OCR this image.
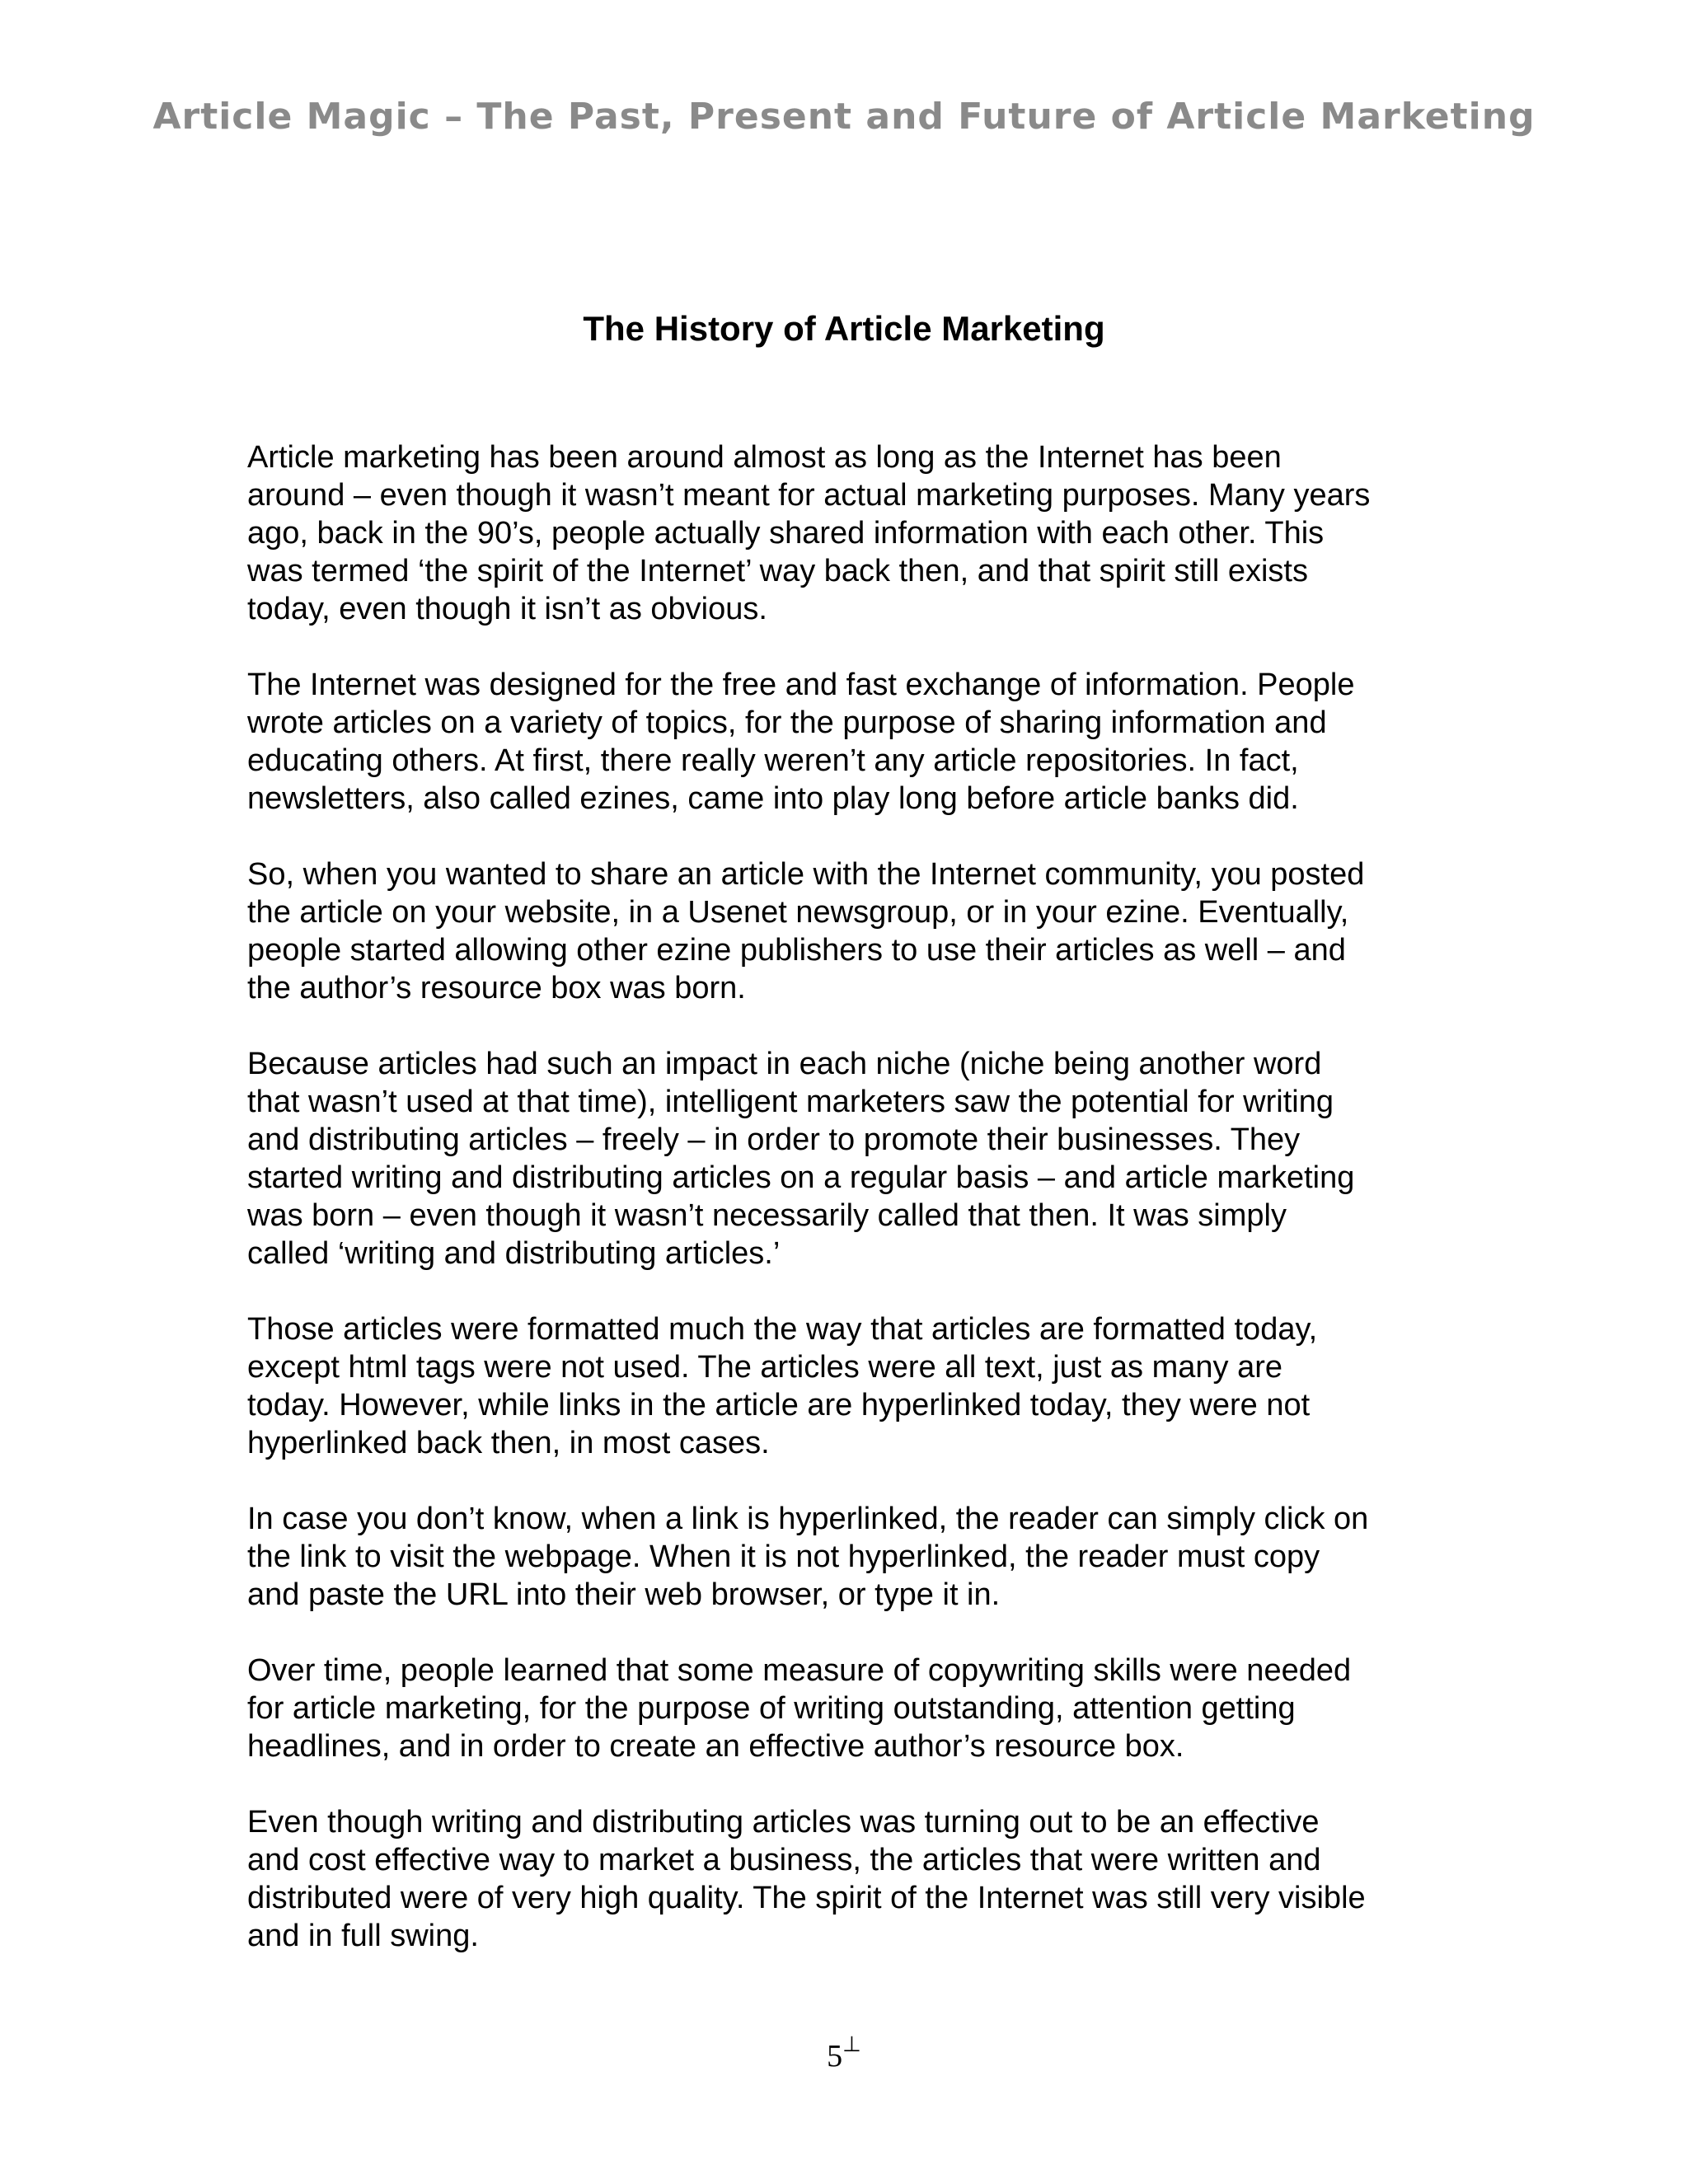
Article Magic – The Past, Present and Future of Article Marketing
The History of Article Marketing

Article marketing has been around almost as long as the Internet has been
around – even though it wasn’t meant for actual marketing purposes. Many years
ago, back in the 90’s, people actually shared information with each other. This
was termed ‘the spirit of the Internet’ way back then, and that spirit still exists
today, even though it isn’t as obvious.

The Internet was designed for the free and fast exchange of information. People
wrote articles on a variety of topics, for the purpose of sharing information and
educating others. At first, there really weren’t any article repositories. In fact,
newsletters, also called ezines, came into play long before article banks did.

So, when you wanted to share an article with the Internet community, you posted
the article on your website, in a Usenet newsgroup, or in your ezine. Eventually,
people started allowing other ezine publishers to use their articles as well – and
the author’s resource box was born.

Because articles had such an impact in each niche (niche being another word
that wasn’t used at that time), intelligent marketers saw the potential for writing
and distributing articles – freely – in order to promote their businesses. They
started writing and distributing articles on a regular basis – and article marketing
was born – even though it wasn’t necessarily called that then. It was simply
called ‘writing and distributing articles.’

Those articles were formatted much the way that articles are formatted today,
except html tags were not used. The articles were all text, just as many are
today. However, while links in the article are hyperlinked today, they were not
hyperlinked back then, in most cases.

In case you don’t know, when a link is hyperlinked, the reader can simply click on
the link to visit the webpage. When it is not hyperlinked, the reader must copy
and paste the URL into their web browser, or type it in.

Over time, people learned that some measure of copywriting skills were needed
for article marketing, for the purpose of writing outstanding, attention getting
headlines, and in order to create an effective author’s resource box.

Even though writing and distributing articles was turning out to be an effective
and cost effective way to market a business, the articles that were written and
distributed were of very high quality. The spirit of the Internet was still very visible
and in full swing.

5⊥
